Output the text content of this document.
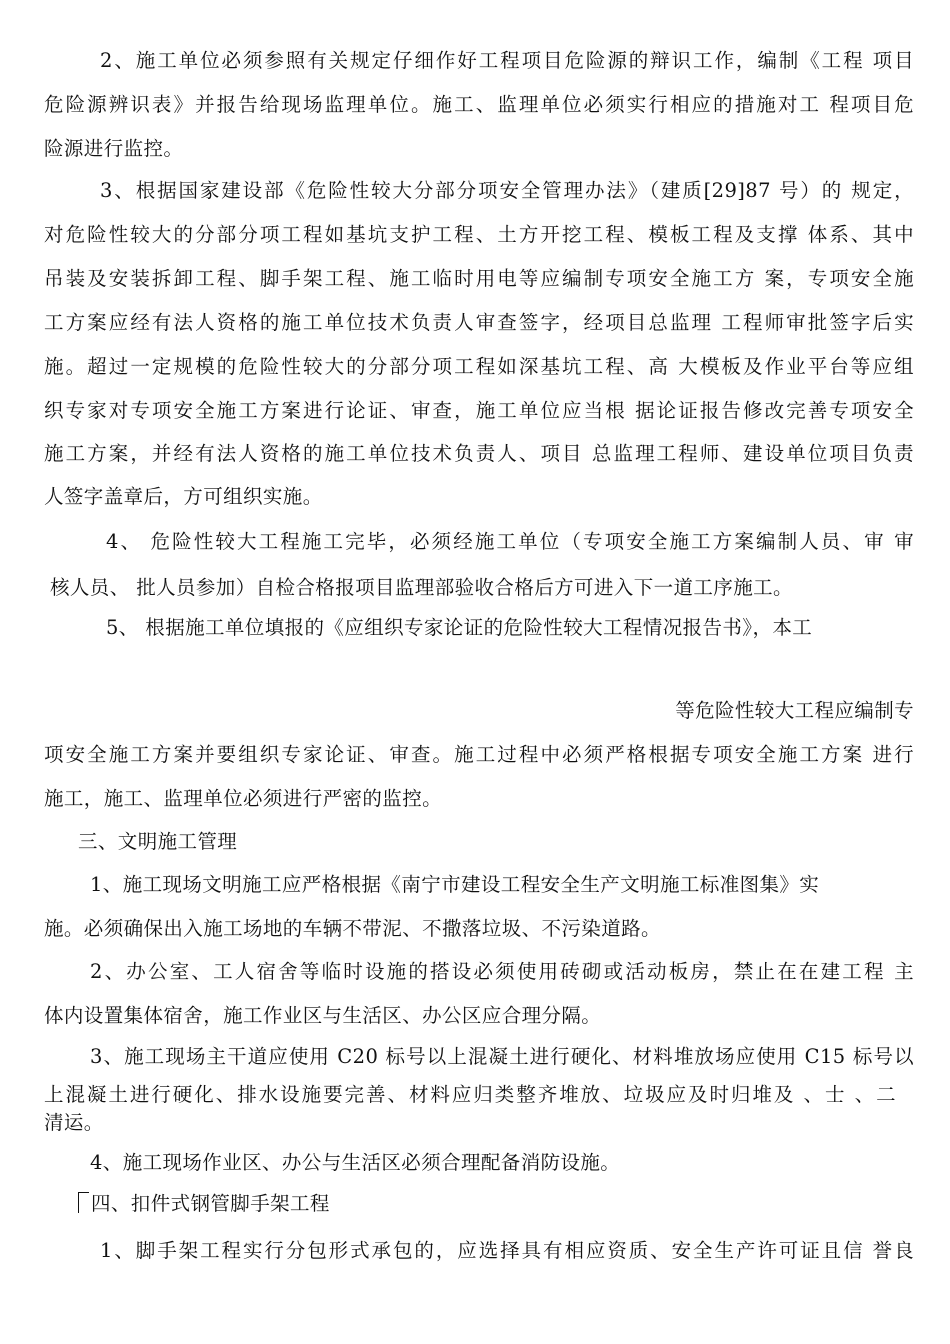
2、施工单位必须参照有关规定仔细作好工程项目危险源的辩识工作，编制《工程 项目
危险源辨识表》并报告给现场监理单位。施工、监理单位必须实行相应的措施对工 程项目危
险源进行监控。
3、根据国家建设部《危险性较大分部分项安全管理办法》（建质[29]87 号）的 规定，
对危险性较大的分部分项工程如基坑支护工程、土方开挖工程、模板工程及支撑 体系、其中
吊装及安装拆卸工程、脚手架工程、施工临时用电等应编制专项安全施工方 案，专项安全施
工方案应经有法人资格的施工单位技术负责人审查签字，经项目总监理 工程师审批签字后实
施。超过一定规模的危险性较大的分部分项工程如深基坑工程、高 大模板及作业平台等应组
织专家对专项安全施工方案进行论证、审查，施工单位应当根 据论证报告修改完善专项安全
施工方案，并经有法人资格的施工单位技术负责人、项目 总监理工程师、建设单位项目负责
人签字盖章后，方可组织实施。
4、 危险性较大工程施工完毕，必须经施工单位（专项安全施工方案编制人员、审 审
核人员、 批人员参加）自检合格报项目监理部验收合格后方可进入下一道工序施工。
5、 根据施工单位填报的《应组织专家论证的危险性较大工程情况报告书》，本工
等危险性较大工程应编制专
项安全施工方案并要组织专家论证、审查。施工过程中必须严格根据专项安全施工方案 进行
施工，施工、监理单位必须进行严密的监控。
三、文明施工管理
1、施工现场文明施工应严格根据《南宁市建设工程安全生产文明施工标准图集》实
施。必须确保出入施工场地的车辆不带泥、不撒落垃圾、不污染道路。
2、办公室、工人宿舍等临时设施的搭设必须使用砖砌或活动板房，禁止在在建工程 主
体内设置集体宿舍，施工作业区与生活区、办公区应合理分隔。
3、施工现场主干道应使用 C20 标号以上混凝土进行硬化、材料堆放场应使用 C15 标号以
上混凝土进行硬化、排水设施要完善、材料应归类整齐堆放、垃圾应及时归堆及 、士 、二
清运。
4、施工现场作业区、办公与生活区必须合理配备消防设施。
四、扣件式钢管脚手架工程
1、脚手架工程实行分包形式承包的，应选择具有相应资质、安全生产许可证且信 誉良
